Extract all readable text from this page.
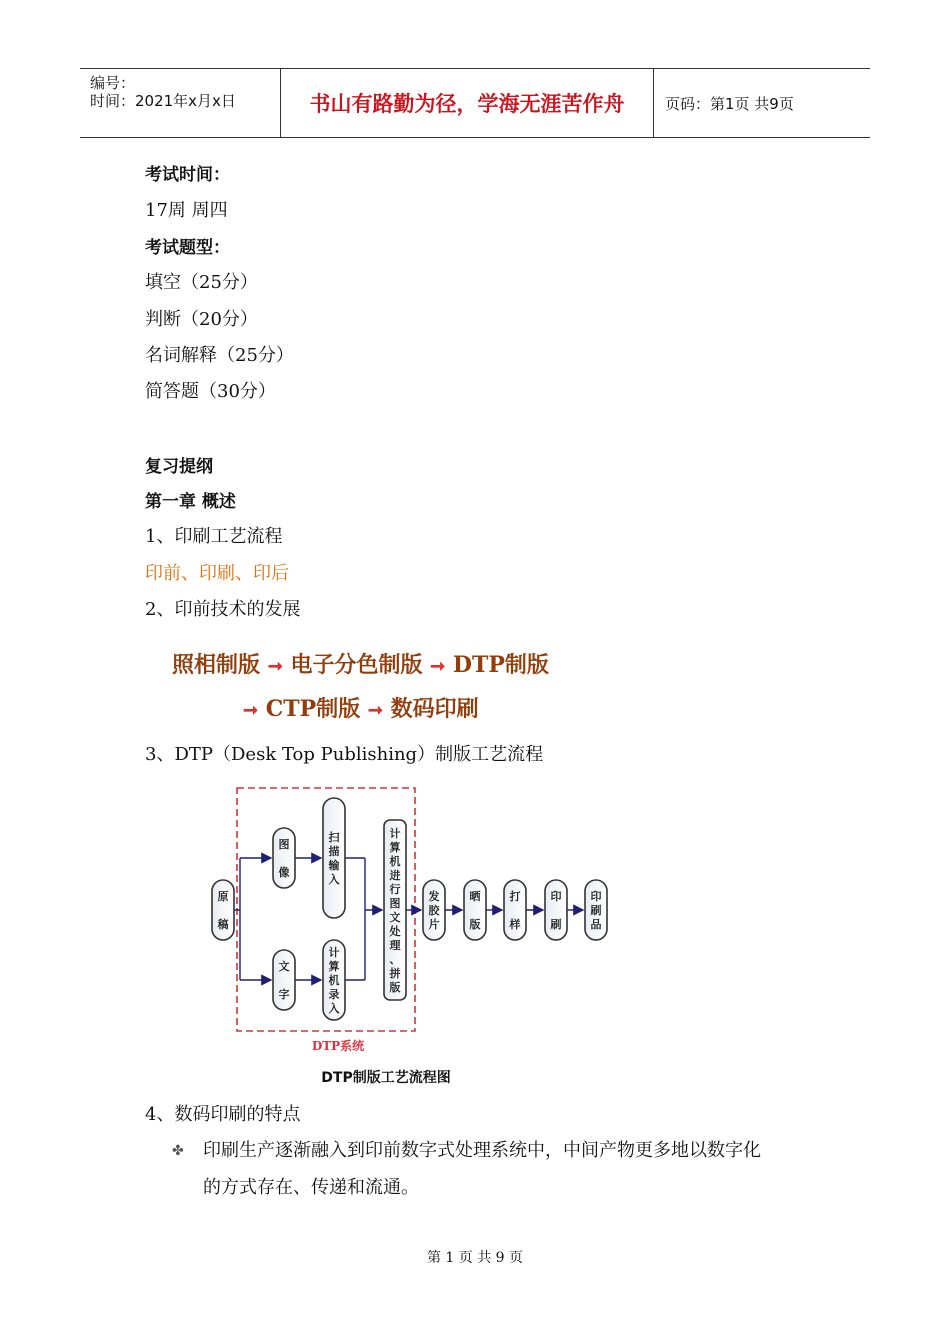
编号：
时间：2021年x月x日	书山有路勤为径，学海无涯苦作舟	页码：第1页 共9页
考试时间：
17周 周四
考试题型：
填空（25分）
判断（20分）
名词解释（25分）
简答题（30分）
复习提纲
第一章 概述
1、印刷工艺流程
印前、印刷、印后
2、印前技术的发展
照相制版 ➞ 电子分色制版 ➞ DTP制版
➞ CTP制版 ➞ 数码印刷
3、DTP（Desk Top Publishing）制版工艺流程
原稿
图像
文字
扫描输入
计算机录入
计算机进行图文处理、拼版
发胶片
晒版
打样
印刷
印刷品
DTP系统
DTP制版工艺流程图
4、数码印刷的特点
✤ 印刷生产逐渐融入到印前数字式处理系统中，中间产物更多地以数字化
的方式存在、传递和流通。
第 1 页 共 9 页
